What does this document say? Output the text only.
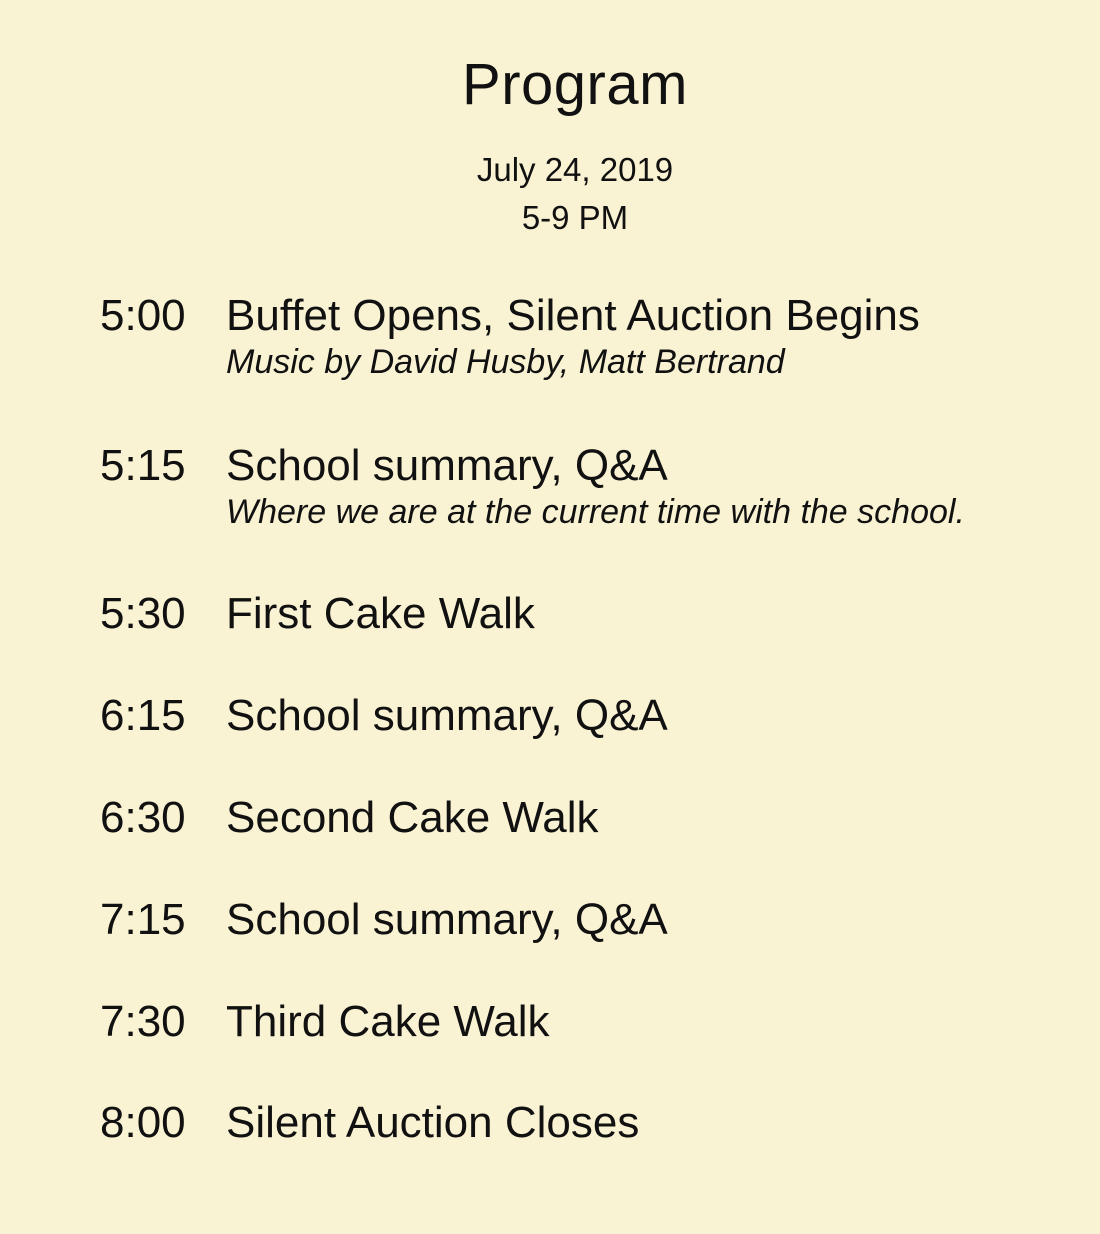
Program
July 24, 2019
5-9 PM
5:00 Buffet Opens, Silent Auction Begins
Music by David Husby, Matt Bertrand
5:15 School summary, Q&A
Where we are at the current time with the school.
5:30 First Cake Walk
6:15 School summary, Q&A
6:30 Second Cake Walk
7:15 School summary, Q&A
7:30 Third Cake Walk
8:00 Silent Auction Closes
